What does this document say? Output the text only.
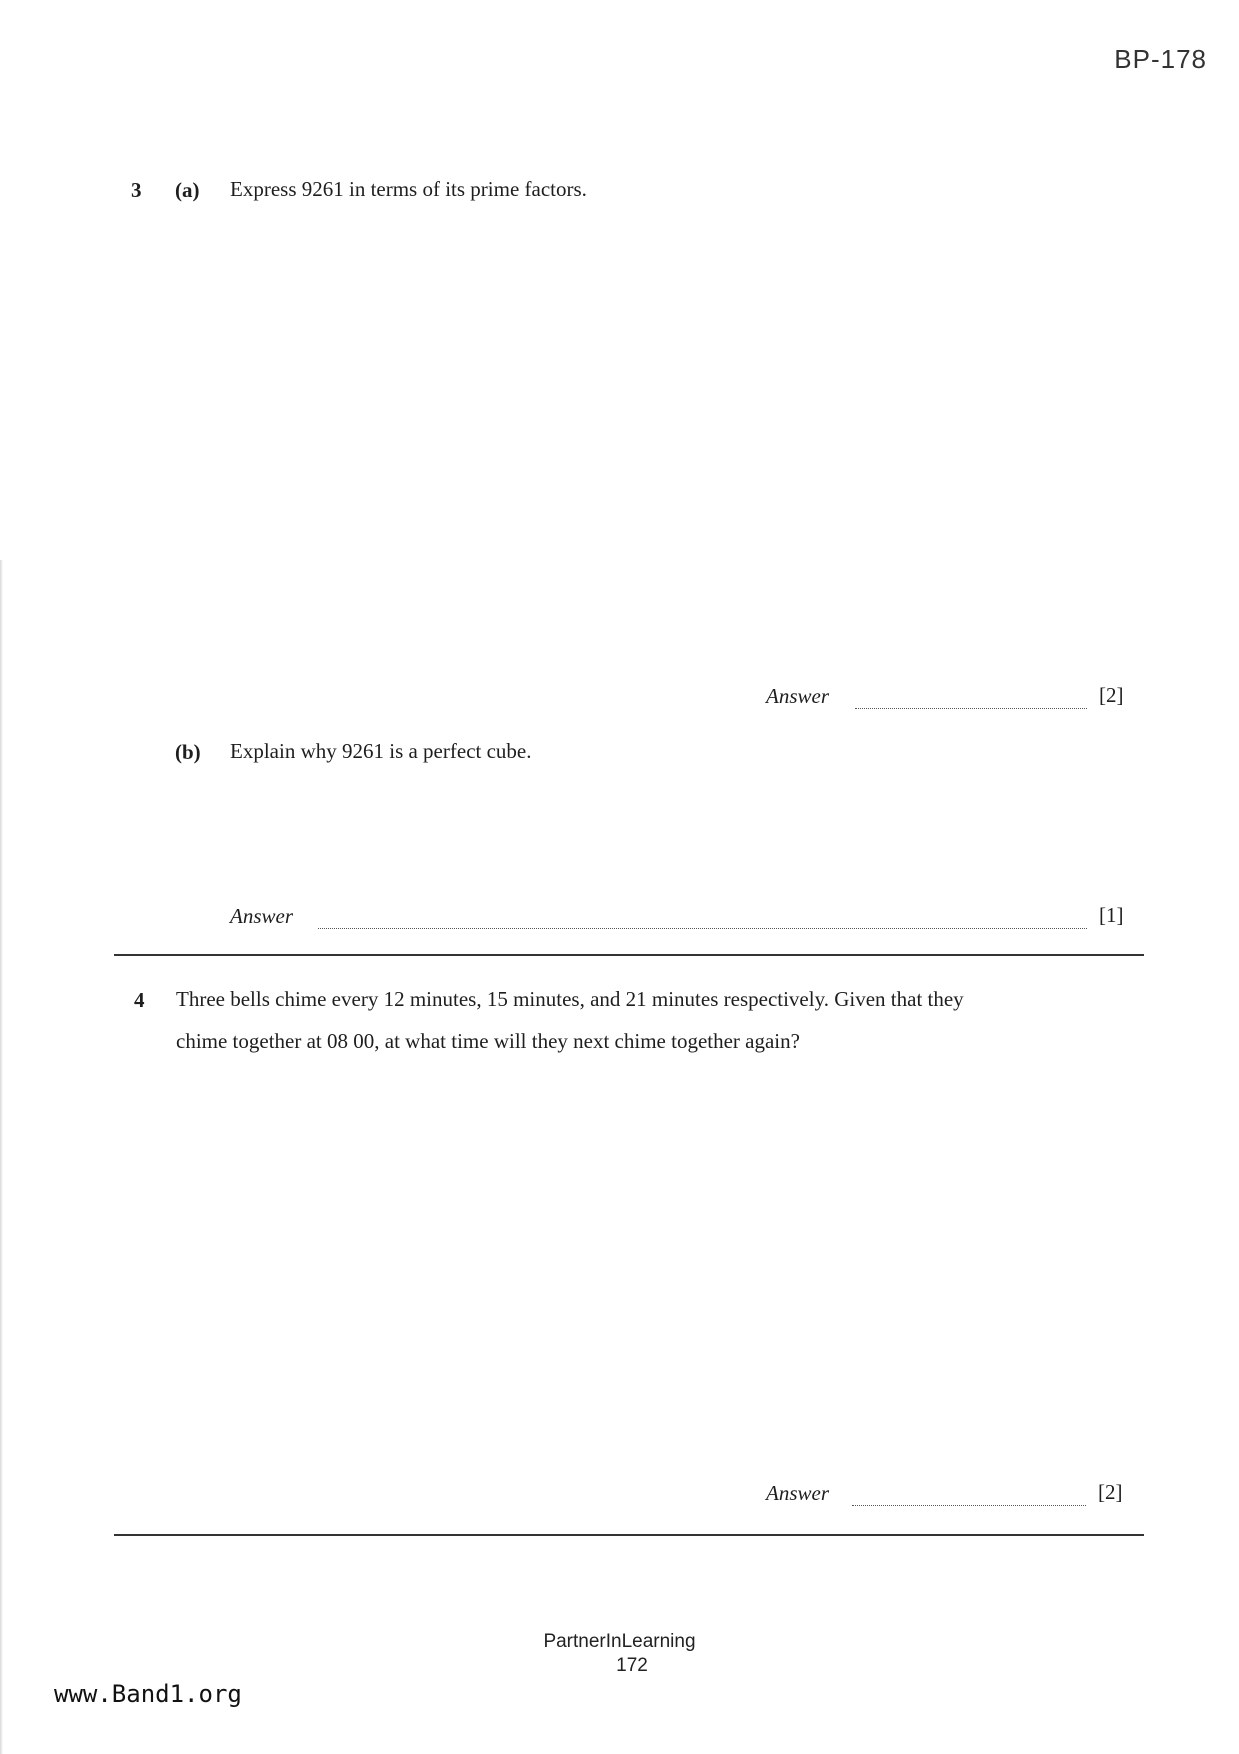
BP-178
3 (a) Express 9261 in terms of its prime factors.
Answer	[2]
(b) Explain why 9261 is a perfect cube.
Answer	[1]
4 Three bells chime every 12 minutes, 15 minutes, and 21 minutes respectively. Given that they
chime together at 08 00, at what time will they next chime together again?
Answer	[2]
PartnerInLearning
172
www.Band1.org
